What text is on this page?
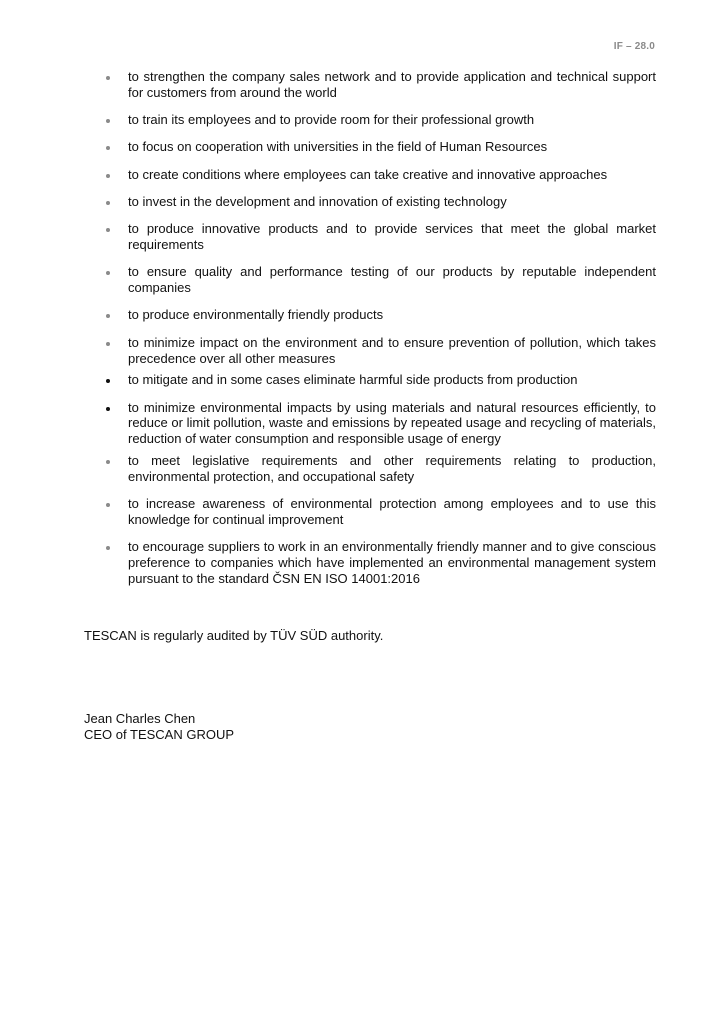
IF – 28.0
to strengthen the company sales network and to provide application and technical support for customers from around the world
to train its employees and to provide room for their professional growth
to focus on cooperation with universities in the field of Human Resources
to create conditions where employees can take creative and innovative approaches
to invest in the development and innovation of existing technology
to produce innovative products and to provide services that meet the global market requirements
to ensure quality and performance testing of our products by reputable independent companies
to produce environmentally friendly products
to minimize impact on the environment and to ensure prevention of pollution, which takes precedence over all other measures
to mitigate and in some cases eliminate harmful side products from production
to minimize environmental impacts by using materials and natural resources efficiently, to reduce or limit pollution, waste and emissions by repeated usage and recycling of materials, reduction of water consumption and responsible usage of energy
to meet legislative requirements and other requirements relating to production, environmental protection, and occupational safety
to increase awareness of environmental protection among employees and to use this knowledge for continual improvement
to encourage suppliers to work in an environmentally friendly manner and to give conscious preference to companies which have implemented an environmental management system pursuant to the standard ČSN EN ISO 14001:2016

TESCAN is regularly audited by TÜV SÜD authority.

Jean Charles Chen
CEO of TESCAN GROUP
